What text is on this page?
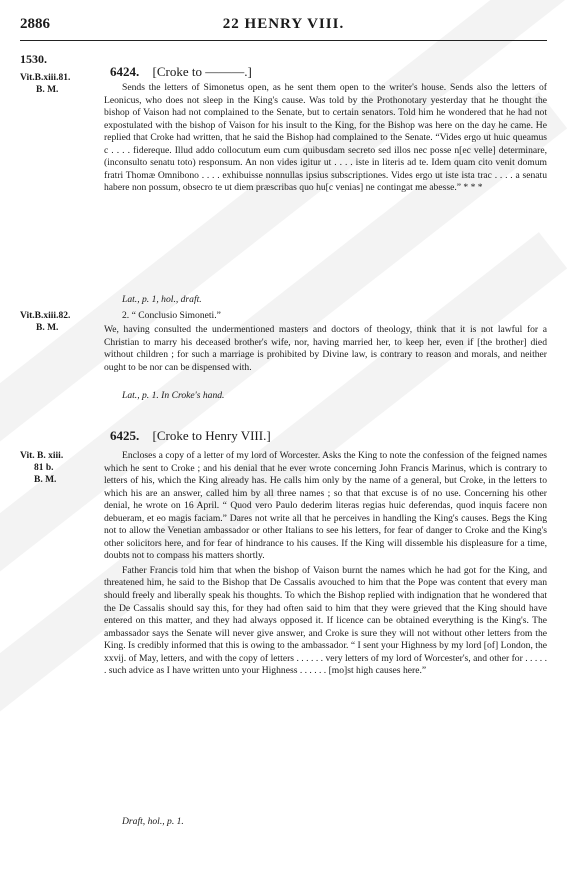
2886	22 HENRY VIII.
1530.
Vit.B.xiii.81.
B. M.
6424. [Croke to ———.]

Sends the letters of Simonetus open, as he sent them open to the writer's house. Sends also the letters of Leonicus, who does not sleep in the King's cause. Was told by the Prothonotary yesterday that he thought the bishop of Vaison had not complained to the Senate, but to certain senators. Told him he wondered that he had not expostulated with the bishop of Vaison for his insult to the King, for the Bishop was here on the day he came. He replied that Croke had written, that he said the Bishop had complained to the Senate. “Vides ergo ut huic queamus c . . . . fidereque. Illud addo collocutum eum cum quibusdam secreto sed illos nec posse n[ec velle] determinare, (inconsulto senatu toto) responsum. An non vides igitur ut . . . . iste in literis ad te. Idem quam cito venit domum fratri Thomæ Omnibono . . . . exhibuisse nonnullas ipsius subscriptiones. Vides ergo ut iste ista trac . . . . a senatu habere non possum, obsecro te ut diem præscribas quo hu[c venias] ne contingat me abesse.” * * *

Lat., p. 1, hol., draft.
Vit.B.xiii.82.
B. M.
2. “ Conclusio Simoneti.”

We, having consulted the undermentioned masters and doctors of theology, think that it is not lawful for a Christian to marry his deceased brother's wife, nor, having married her, to keep her, even if [the brother] died without children ; for such a marriage is prohibited by Divine law, is contrary to reason and morals, and neither ought to be nor can be dispensed with.

Lat., p. 1. In Croke's hand.
Vit. B. xiii.
81 b.
B. M.
6425. [Croke to Henry VIII.]

Encloses a copy of a letter of my lord of Worcester. Asks the King to note the confession of the feigned names which he sent to Croke ; and his denial that he ever wrote concerning John Francis Marinus, which is contrary to letters of his, which the King already has. He calls him only by the name of a general, but Croke, in the letters to which his are an answer, called him by all three names ; so that that excuse is of no use. Concerning his other denial, he wrote on 16 April. “ Quod vero Paulo dederim literas regias huic deferendas, quod inquis facere non debueram, et eo magis faciam.” Dares not write all that he perceives in handling the King's causes. Begs the King not to allow the Venetian ambassador or other Italians to see his letters, for fear of danger to Croke and the King's other solicitors here, and for fear of hindrance to his causes. If the King will dissemble his displeasure for a time, doubts not to compass his matters shortly.

Father Francis told him that when the bishop of Vaison burnt the names which he had got for the King, and threatened him, he said to the Bishop that De Cassalis avouched to him that the Pope was content that every man should freely and liberally speak his thoughts. To which the Bishop replied with indignation that he wondered that the De Cassalis should say this, for they had often said to him that they were grieved that the King should have entered on this matter, and they had always opposed it. If licence can be obtained everything is the King's. The ambassador says the Senate will never give answer, and Croke is sure they will not without other letters from the King. Is credibly informed that this is owing to the ambassador. “ I sent your Highness by my lord [of] London, the xxvij. of May, letters, and with the copy of letters . . . . . . very letters of my lord of Worcester's, and other for . . . . . . such advice as I have written unto your Highness . . . . . . [mo]st high causes here.”

Draft, hol., p. 1.
